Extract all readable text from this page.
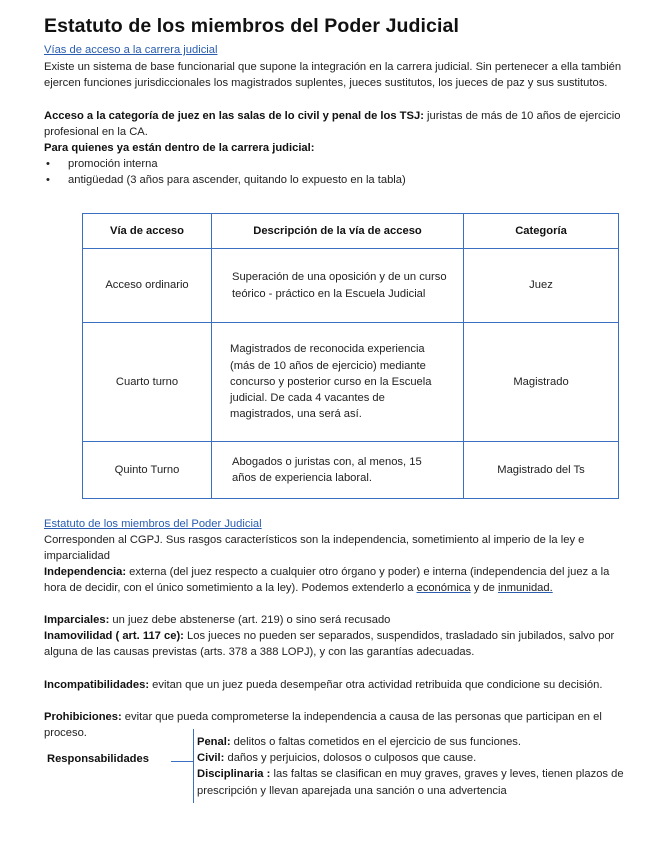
Estatuto de los miembros del Poder Judicial
Vías de acceso a la carrera judicial

Existe un sistema de base funcionarial que supone la integración en la carrera judicial. Sin pertenecer a ella también ejercen funciones jurisdiccionales los magistrados suplentes, jueces sustitutos, los jueces de paz y sus sustitutos.

Acceso a la categoría de juez en las salas de lo civil y penal de los TSJ: juristas de más de 10 años de ejercicio profesional en la CA.

Para quienes ya están dentro de la carrera judicial:

• promoción interna
• antigüedad (3 años para ascender, quitando lo expuesto en la tabla)
Vía de acceso	Descripción de la vía de acceso	Categoría
Acceso ordinario	Superación de una oposición y de un curso teórico - práctico en la Escuela Judicial	Juez
Cuarto turno	Magistrados de reconocida experiencia (más de 10 años de ejercicio) mediante concurso y posterior curso en la Escuela judicial. De cada 4 vacantes de magistrados, una será así.	Magistrado
Quinto Turno	Abogados o juristas con, al menos, 15 años de experiencia laboral.	Magistrado del Ts
Estatuto de los miembros del Poder Judicial

Corresponden al CGPJ. Sus rasgos característicos son la independencia, sometimiento al imperio de la ley e imparcialidad

Independencia: externa (del juez respecto a cualquier otro órgano y poder) e interna (independencia del juez a la hora de decidir, con el único sometimiento a la ley). Podemos extenderlo a económica y de inmunidad.

Imparciales: un juez debe abstenerse (art. 219) o sino será recusado

Inamovilidad ( art. 117 ce): Los jueces no pueden ser separados, suspendidos, trasladado sin jubilados, salvo por alguna de las causas previstas (arts. 378 a 388 LOPJ), y con las garantías adecuadas.

Incompatibilidades: evitan que un juez pueda desempeñar otra actividad retribuida que condicione su decisión.

Prohibiciones: evitar que pueda comprometerse la independencia a causa de las personas que participan en el proceso.

Responsabilidades
Penal: delitos o faltas cometidos en el ejercicio de sus funciones.
Civil: daños y perjuicios, dolosos o culposos que cause.
Disciplinaria : las faltas se clasifican en muy graves, graves y leves, tienen plazos de prescripción y llevan aparejada una sanción o una advertencia
